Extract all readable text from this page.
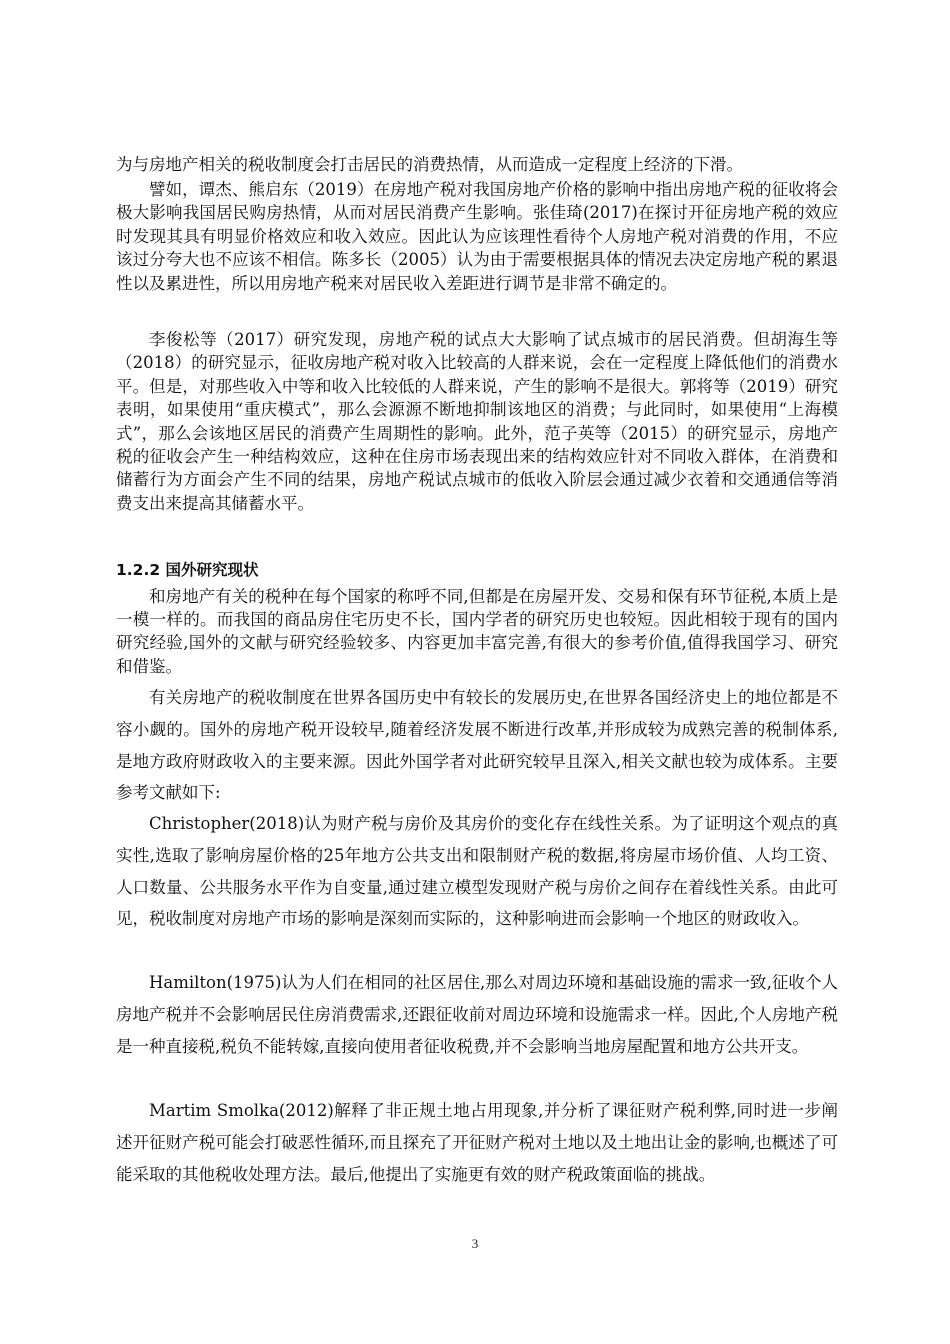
为与房地产相关的税收制度会打击居民的消费热情，从而造成一定程度上经济的下滑。

譬如，谭杰、熊启东（2019）在房地产税对我国房地产价格的影响中指出房地产税的征收将会极大影响我国居民购房热情，从而对居民消费产生影响。张佳琦(2017)在探讨开征房地产税的效应时发现其具有明显价格效应和收入效应。因此认为应该理性看待个人房地产税对消费的作用，不应该过分夸大也不应该不相信。陈多长（2005）认为由于需要根据具体的情况去决定房地产税的累退性以及累进性，所以用房地产税来对居民收入差距进行调节是非常不确定的。

李俊松等（2017）研究发现，房地产税的试点大大影响了试点城市的居民消费。但胡海生等（2018）的研究显示，征收房地产税对收入比较高的人群来说，会在一定程度上降低他们的消费水平。但是，对那些收入中等和收入比较低的人群来说，产生的影响不是很大。郭将等（2019）研究表明，如果使用“重庆模式”，那么会源源不断地抑制该地区的消费；与此同时，如果使用“上海模式”，那么会该地区居民的消费产生周期性的影响。此外，范子英等（2015）的研究显示，房地产税的征收会产生一种结构效应，这种在住房市场表现出来的结构效应针对不同收入群体，在消费和储蓄行为方面会产生不同的结果，房地产税试点城市的低收入阶层会通过减少衣着和交通通信等消费支出来提高其储蓄水平。

1.2.2 国外研究现状

和房地产有关的税种在每个国家的称呼不同,但都是在房屋开发、交易和保有环节征税,本质上是一模一样的。而我国的商品房住宅历史不长，国内学者的研究历史也较短。因此相较于现有的国内研究经验,国外的文献与研究经验较多、内容更加丰富完善,有很大的参考价值,值得我国学习、研究和借鉴。

有关房地产的税收制度在世界各国历史中有较长的发展历史,在世界各国经济史上的地位都是不容小觑的。国外的房地产税开设较早,随着经济发展不断进行改革,并形成较为成熟完善的税制体系,是地方政府财政收入的主要来源。因此外国学者对此研究较早且深入,相关文献也较为成体系。主要参考文献如下:

Christopher(2018)认为财产税与房价及其房价的变化存在线性关系。为了证明这个观点的真实性,选取了影响房屋价格的25年地方公共支出和限制财产税的数据,将房屋市场价值、人均工资、人口数量、公共服务水平作为自变量,通过建立模型发现财产税与房价之间存在着线性关系。由此可见，税收制度对房地产市场的影响是深刻而实际的，这种影响进而会影响一个地区的财政收入。

Hamilton(1975)认为人们在相同的社区居住,那么对周边环境和基础设施的需求一致,征收个人房地产税并不会影响居民住房消费需求,还跟征收前对周边环境和设施需求一样。因此,个人房地产税是一种直接税,税负不能转嫁,直接向使用者征收税费,并不会影响当地房屋配置和地方公共开支。

Martim Smolka(2012)解释了非正规土地占用现象,并分析了课征财产税利弊,同时进一步阐述开征财产税可能会打破恶性循环,而且探充了开征财产税对土地以及土地出让金的影响,也概述了可能采取的其他税收处理方法。最后,他提出了实施更有效的财产税政策面临的挑战。

3
